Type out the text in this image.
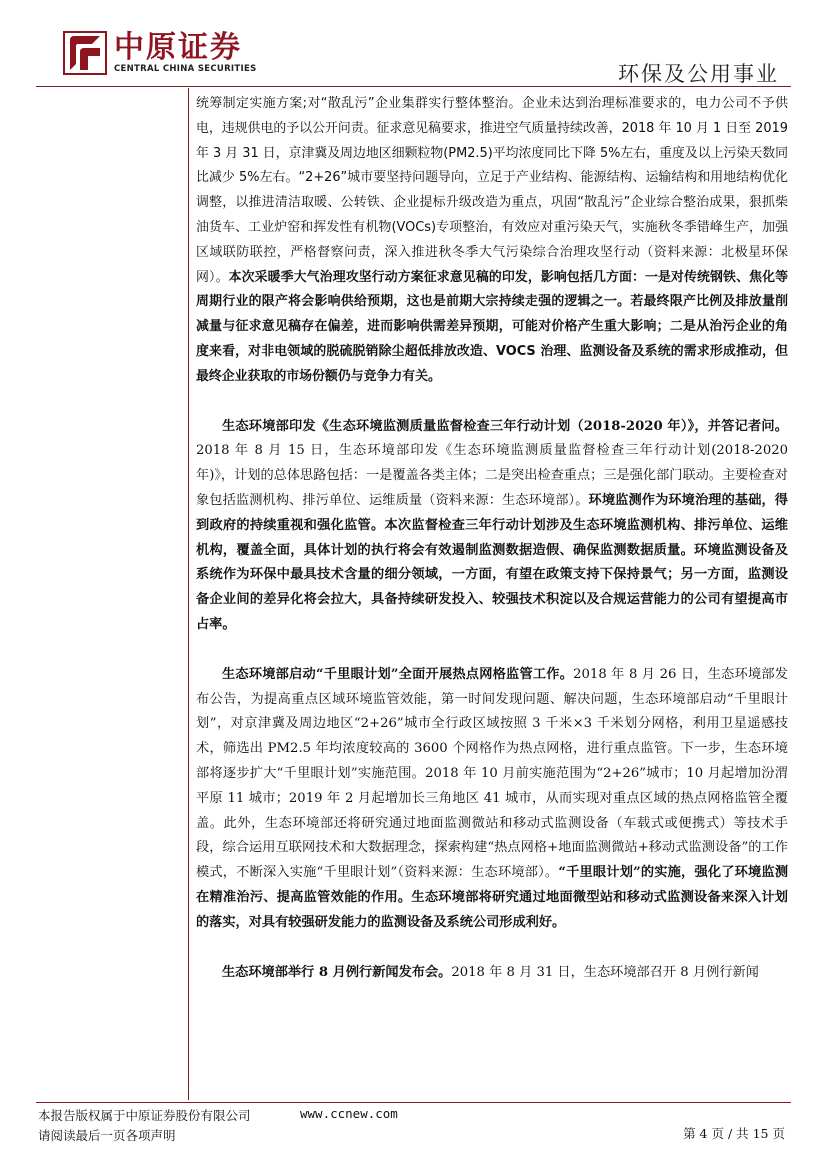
中原证券
CENTRAL CHINA SECURITIES	环保及公用事业

统筹制定实施方案;对“散乱污”企业集群实行整体整治。企业未达到治理标准要求的，电力公司不予供电，违规供电的予以公开问责。征求意见稿要求，推进空气质量持续改善，2018 年 10 月 1 日至 2019 年 3 月 31 日，京津冀及周边地区细颗粒物(PM2.5)平均浓度同比下降 5%左右，重度及以上污染天数同比减少 5%左右。“2+26”城市要坚持问题导向，立足于产业结构、能源结构、运输结构和用地结构优化调整，以推进清洁取暖、公转铁、企业提标升级改造为重点，巩固“散乱污”企业综合整治成果，狠抓柴油货车、工业炉窑和挥发性有机物(VOCs)专项整治，有效应对重污染天气，实施秋冬季错峰生产，加强区域联防联控，严格督察问责，深入推进秋冬季大气污染综合治理攻坚行动（资料来源：北极星环保网）。本次采暖季大气治理攻坚行动方案征求意见稿的印发，影响包括几方面：一是对传统钢铁、焦化等周期行业的限产将会影响供给预期，这也是前期大宗持续走强的逻辑之一。若最终限产比例及排放量削减量与征求意见稿存在偏差，进而影响供需差异预期，可能对价格产生重大影响；二是从治污企业的角度来看，对非电领域的脱硫脱销除尘超低排放改造、VOCS 治理、监测设备及系统的需求形成推动，但最终企业获取的市场份额仍与竞争力有关。

生态环境部印发《生态环境监测质量监督检查三年行动计划（2018-2020 年）》，并答记者问。2018 年 8 月 15 日，生态环境部印发《生态环境监测质量监督检查三年行动计划(2018-2020 年)》，计划的总体思路包括：一是覆盖各类主体；二是突出检查重点；三是强化部门联动。主要检查对象包括监测机构、排污单位、运维质量（资料来源：生态环境部）。环境监测作为环境治理的基础，得到政府的持续重视和强化监管。本次监督检查三年行动计划涉及生态环境监测机构、排污单位、运维机构，覆盖全面，具体计划的执行将会有效遏制监测数据造假、确保监测数据质量。环境监测设备及系统作为环保中最具技术含量的细分领域，一方面，有望在政策支持下保持景气；另一方面，监测设备企业间的差异化将会拉大，具备持续研发投入、较强技术积淀以及合规运营能力的公司有望提高市占率。

生态环境部启动“千里眼计划”全面开展热点网格监管工作。2018 年 8 月 26 日，生态环境部发布公告，为提高重点区域环境监管效能，第一时间发现问题、解决问题，生态环境部启动“千里眼计划”，对京津冀及周边地区“2+26”城市全行政区域按照 3 千米×3 千米划分网格，利用卫星遥感技术，筛选出 PM2.5 年均浓度较高的 3600 个网格作为热点网格，进行重点监管。下一步，生态环境部将逐步扩大“千里眼计划”实施范围。2018 年 10 月前实施范围为“2+26”城市；10 月起增加汾渭平原 11 城市；2019 年 2 月起增加长三角地区 41 城市，从而实现对重点区域的热点网格监管全覆盖。此外，生态环境部还将研究通过地面监测微站和移动式监测设备（车载式或便携式）等技术手段，综合运用互联网技术和大数据理念，探索构建“热点网格+地面监测微站+移动式监测设备”的工作模式，不断深入实施“千里眼计划”（资料来源：生态环境部）。“千里眼计划”的实施，强化了环境监测在精准治污、提高监管效能的作用。生态环境部将研究通过地面微型站和移动式监测设备来深入计划的落实，对具有较强研发能力的监测设备及系统公司形成利好。

生态环境部举行 8 月例行新闻发布会。2018 年 8 月 31 日，生态环境部召开 8 月例行新闻

本报告版权属于中原证券股份有限公司	www.ccnew.com
请阅读最后一页各项声明	第 4 页 / 共 15 页
